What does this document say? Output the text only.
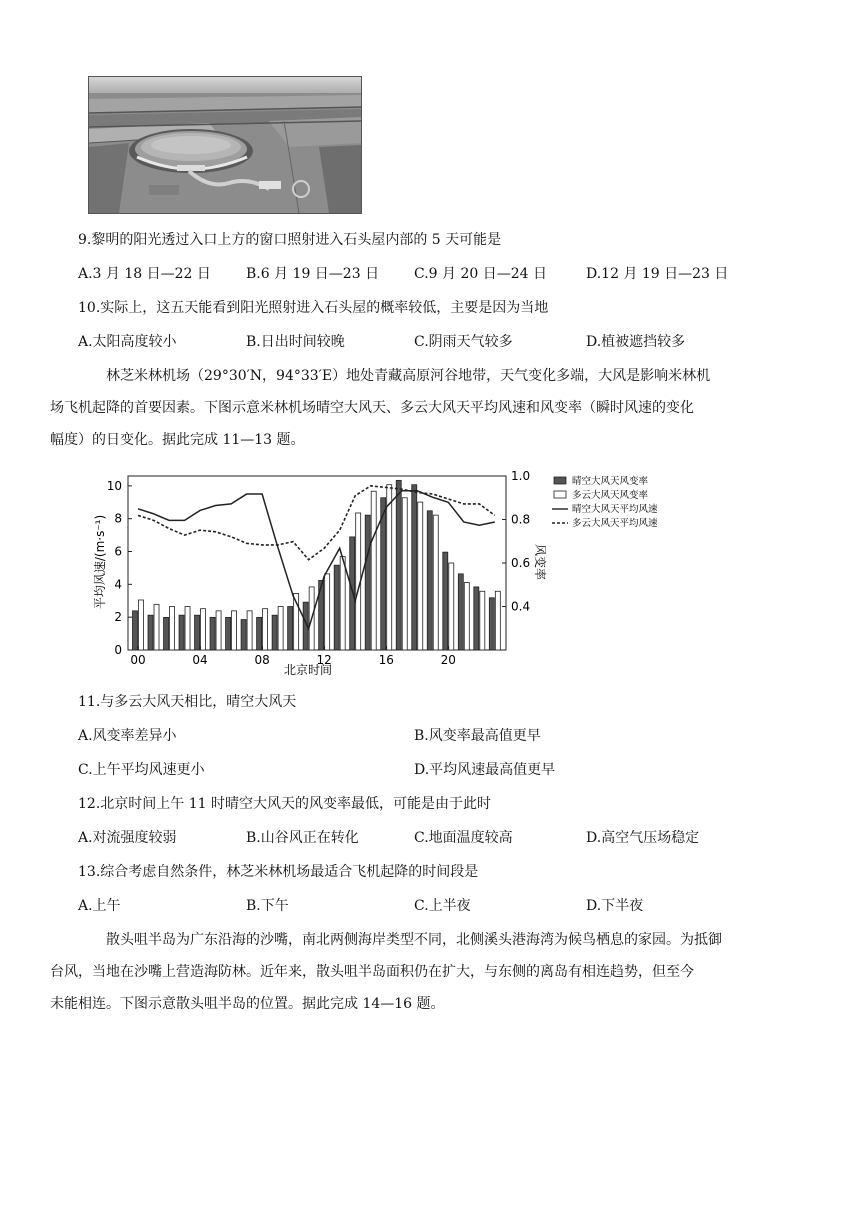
9.黎明的阳光透过入口上方的窗口照射进入石头屋内部的 5 天可能是
A.3 月 18 日—22 日	B.6 月 19 日—23 日 C.9 月 20 日—24 日	D.12 月 19 日—23 日
10.实际上，这五天能看到阳光照射进入石头屋的概率较低，主要是因为当地
A.太阳高度较小	B.日出时间较晚	C.阴雨天气较多	D.植被遮挡较多
林芝米林机场（29°30′N，94°33′E）地处青藏高原河谷地带，天气变化多端，大风是影响米林机
场飞机起降的首要因素。下图示意米林机场晴空大风天、多云大风天平均风速和风变率（瞬时风速的变化
幅度）的日变化。据此完成 11—13 题。
平均风速/(m·s⁻¹)	风变率
北京时间
0
2
4
6
8
10
0.4
0.6
0.8
1.0
00	04	08	12	16	20
晴空大风天风变率
多云大风天风变率
晴空大风天平均风速
多云大风天平均风速
11.与多云大风天相比，晴空大风天
A.风变率差异小	B.风变率最高值更早
C.上午平均风速更小	D.平均风速最高值更早
12.北京时间上午 11 时晴空大风天的风变率最低，可能是由于此时
A.对流强度较弱	B.山谷风正在转化	C.地面温度较高	D.高空气压场稳定
13.综合考虑自然条件，林芝米林机场最适合飞机起降的时间段是
A.上午	B.下午	C.上半夜	D.下半夜
散头咀半岛为广东沿海的沙嘴，南北两侧海岸类型不同，北侧溪头港海湾为候鸟栖息的家园。为抵御
台风，当地在沙嘴上营造海防林。近年来，散头咀半岛面积仍在扩大，与东侧的离岛有相连趋势，但至今
未能相连。下图示意散头咀半岛的位置。据此完成 14—16 题。
